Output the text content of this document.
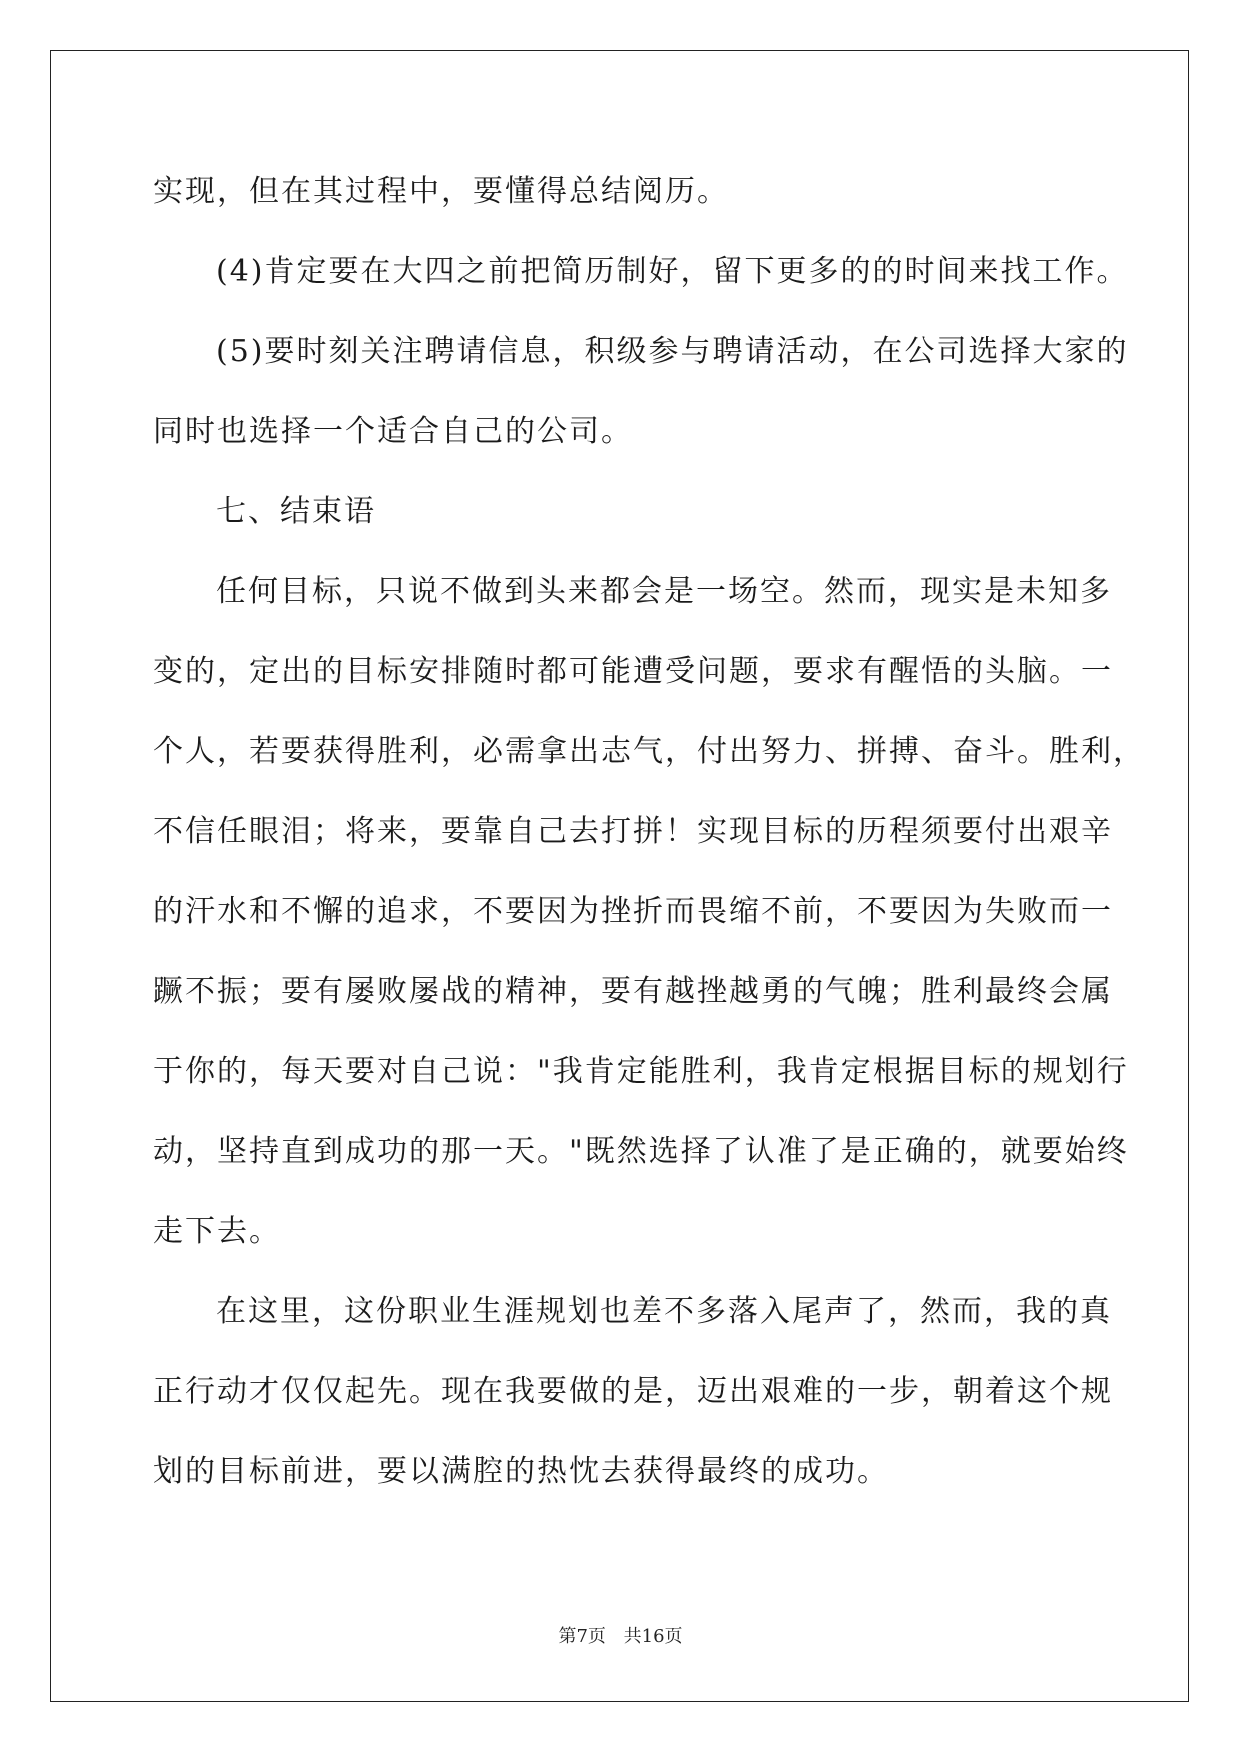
实现，但在其过程中，要懂得总结阅历。
(4)肯定要在大四之前把简历制好，留下更多的的时间来找工作。
(5)要时刻关注聘请信息，积级参与聘请活动，在公司选择大家的
同时也选择一个适合自己的公司。
七、结束语
任何目标，只说不做到头来都会是一场空。然而，现实是未知多
变的，定出的目标安排随时都可能遭受问题，要求有醒悟的头脑。一
个人，若要获得胜利，必需拿出志气，付出努力、拼搏、奋斗。胜利，
不信任眼泪；将来，要靠自己去打拼！实现目标的历程须要付出艰辛
的汗水和不懈的追求，不要因为挫折而畏缩不前，不要因为失败而一
蹶不振；要有屡败屡战的精神，要有越挫越勇的气魄；胜利最终会属
于你的，每天要对自己说："我肯定能胜利，我肯定根据目标的规划行
动，坚持直到成功的那一天。"既然选择了认准了是正确的，就要始终
走下去。
在这里，这份职业生涯规划也差不多落入尾声了，然而，我的真
正行动才仅仅起先。现在我要做的是，迈出艰难的一步，朝着这个规
划的目标前进，要以满腔的热忱去获得最终的成功。
第7页 共16页
